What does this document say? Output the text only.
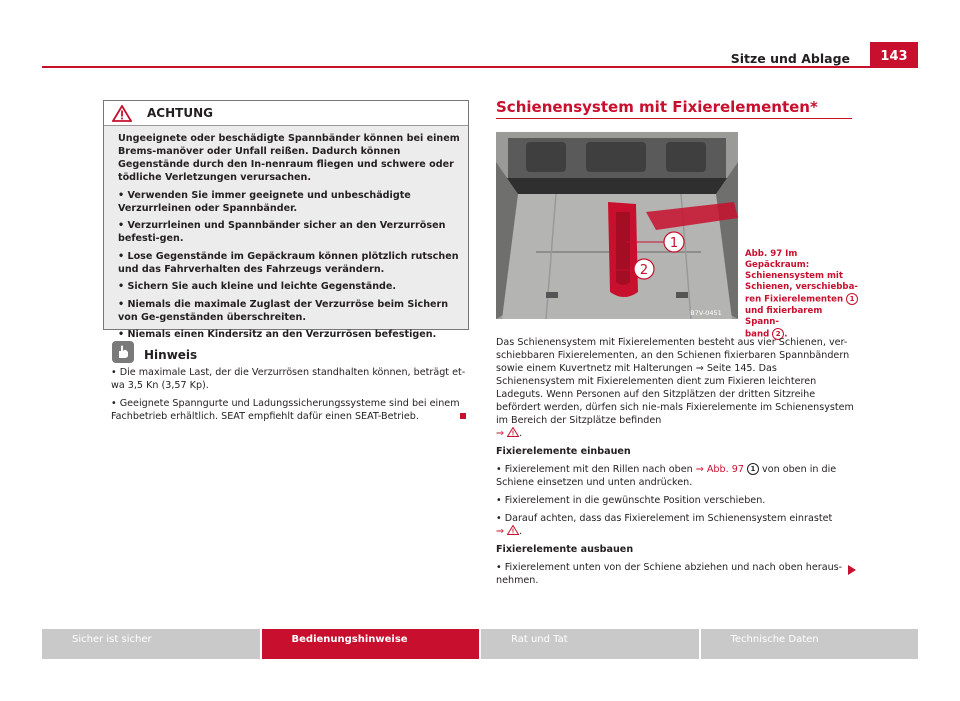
Sitze und Ablage	143
ACHTUNG

Ungeeignete oder beschädigte Spannbänder können bei einem Brems-manöver oder Unfall reißen. Dadurch können Gegenstände durch den In-nenraum fliegen und schwere oder tödliche Verletzungen verursachen.

• Verwenden Sie immer geeignete und unbeschädigte Verzurrleinen oder Spannbänder.

• Verzurrleinen und Spannbänder sicher an den Verzurrösen befesti-gen.

• Lose Gegenstände im Gepäckraum können plötzlich rutschen und das Fahrverhalten des Fahrzeugs verändern.

• Sichern Sie auch kleine und leichte Gegenstände.

• Niemals die maximale Zuglast der Verzurröse beim Sichern von Ge-genständen überschreiten.

• Niemals einen Kindersitz an den Verzurrösen befestigen.

Hinweis

• Die maximale Last, der die Verzurrösen standhalten können, beträgt et-wa 3,5 Kn (3,57 Kp).

• Geeignete Spanngurte und Ladungssicherungssysteme sind bei einem Fachbetrieb erhältlich. SEAT empfiehlt dafür einen SEAT-Betrieb.

Schienensystem mit Fixierelementen*
1
2
B7V-0451
Abb. 97 Im Gepäckraum:
Schienensystem mit
Schienen, verschiebba-
ren Fixierelementen 1
und fixierbarem Spann-
band 2 .

Das Schienensystem mit Fixierelementen besteht aus vier Schienen, ver-schiebbaren Fixierelementen, an den Schienen fixierbaren Spannbändern sowie einem Kuvertnetz mit Halterungen ⇒ Seite 145. Das Schienensystem mit Fixierelementen dient zum Fixieren leichteren Ladeguts. Wenn Personen auf den Sitzplätzen der dritten Sitzreihe befördert werden, dürfen sich nie-mals Fixierelemente im Schienensystem im Bereich der Sitzplätze befinden
⇒ .

Fixierelemente einbauen

• Fixierelement mit den Rillen nach oben ⇒ Abb. 97 1 von oben in die Schiene einsetzen und unten andrücken.

• Fixierelement in die gewünschte Position verschieben.

• Darauf achten, dass das Fixierelement im Schienensystem einrastet
⇒ .

Fixierelemente ausbauen

• Fixierelement unten von der Schiene abziehen und nach oben heraus-nehmen.

Sicher ist sicher	Bedienungshinweise	Rat und Tat	Technische Daten
